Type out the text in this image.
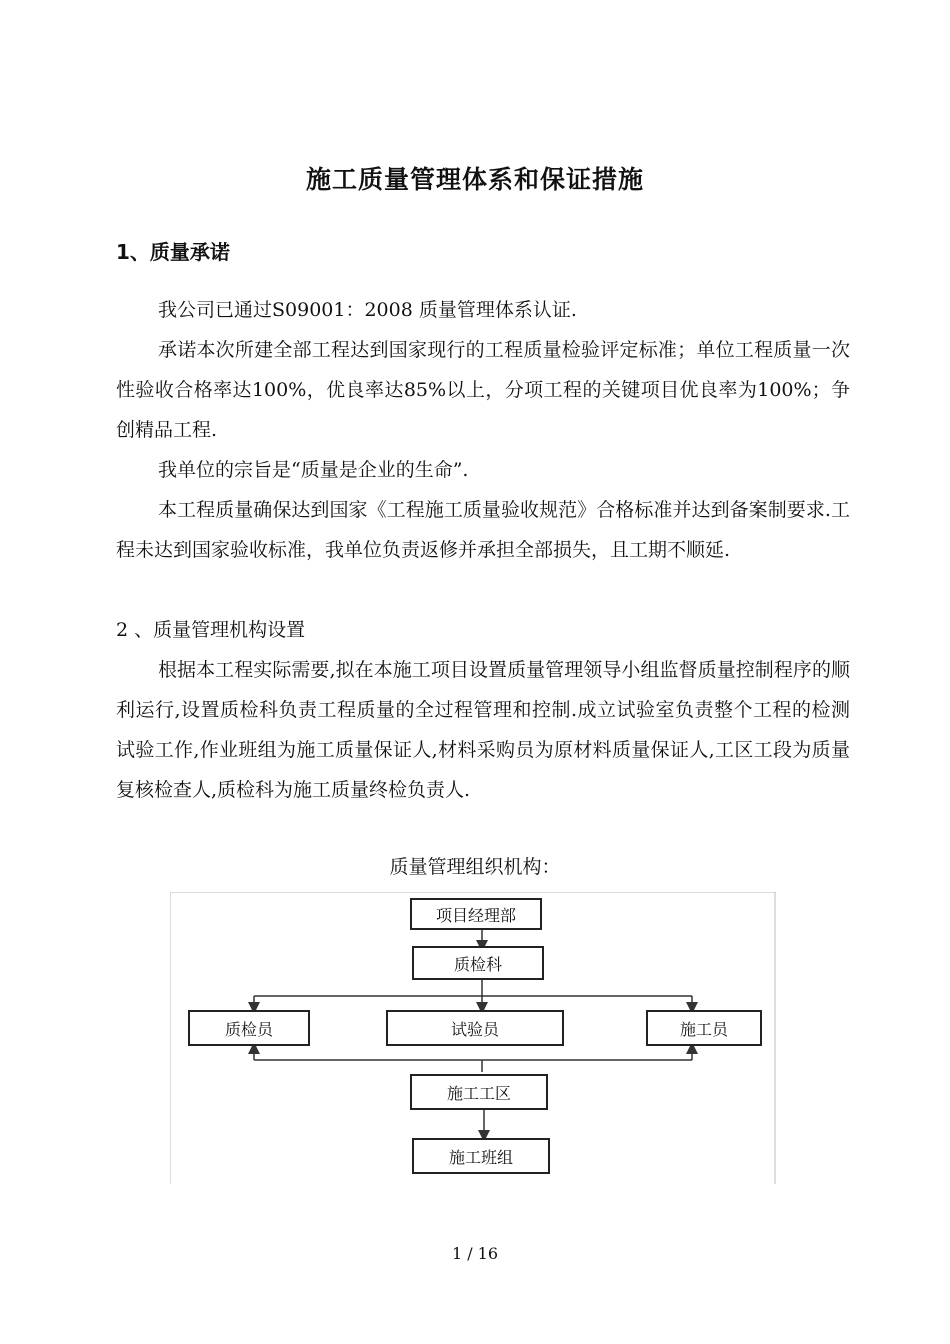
施工质量管理体系和保证措施
1、质量承诺

我公司已通过S09001：2008 质量管理体系认证.

承诺本次所建全部工程达到国家现行的工程质量检验评定标准；单位工程质量一次性验收合格率达100%，优良率达85%以上，分项工程的关键项目优良率为100%；争创精品工程.

我单位的宗旨是“质量是企业的生命”.

本工程质量确保达到国家《工程施工质量验收规范》合格标准并达到备案制要求.工程未达到国家验收标准，我单位负责返修并承担全部损失，且工期不顺延.

2 、质量管理机构设置

根据本工程实际需要,拟在本施工项目设置质量管理领导小组监督质量控制程序的顺利运行,设置质检科负责工程质量的全过程管理和控制.成立试验室负责整个工程的检测试验工作,作业班组为施工质量保证人,材料采购员为原材料质量保证人,工区工段为质量复核检查人,质检科为施工质量终检负责人.

质量管理组织机构：
项目经理部
质检科
质检员	试验员	施工员
施工工区
施工班组
1 / 16
